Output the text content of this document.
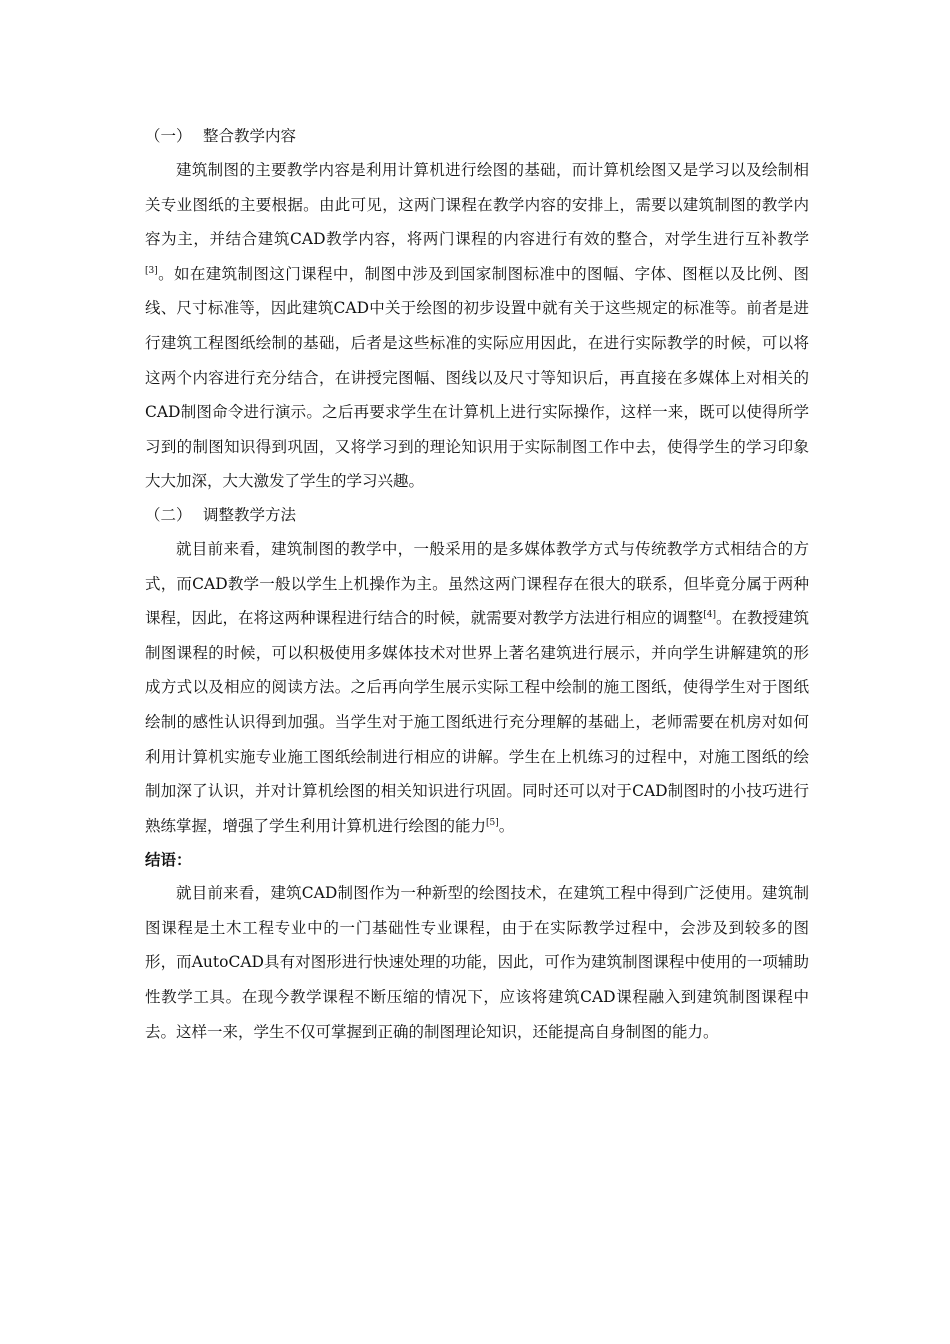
（一） 整合教学内容

建筑制图的主要教学内容是利用计算机进行绘图的基础，而计算机绘图又是学习以及绘制相关专业图纸的主要根据。由此可见，这两门课程在教学内容的安排上，需要以建筑制图的教学内容为主，并结合建筑CAD教学内容，将两门课程的内容进行有效的整合，对学生进行互补教学[3]。如在建筑制图这门课程中，制图中涉及到国家制图标准中的图幅、字体、图框以及比例、图线、尺寸标准等，因此建筑CAD中关于绘图的初步设置中就有关于这些规定的标准等。前者是进行建筑工程图纸绘制的基础，后者是这些标准的实际应用因此，在进行实际教学的时候，可以将这两个内容进行充分结合，在讲授完图幅、图线以及尺寸等知识后，再直接在多媒体上对相关的CAD制图命令进行演示。之后再要求学生在计算机上进行实际操作，这样一来，既可以使得所学习到的制图知识得到巩固，又将学习到的理论知识用于实际制图工作中去，使得学生的学习印象大大加深，大大激发了学生的学习兴趣。

（二） 调整教学方法

就目前来看，建筑制图的教学中，一般采用的是多媒体教学方式与传统教学方式相结合的方式，而CAD教学一般以学生上机操作为主。虽然这两门课程存在很大的联系，但毕竟分属于两种课程，因此，在将这两种课程进行结合的时候，就需要对教学方法进行相应的调整[4]。在教授建筑制图课程的时候，可以积极使用多媒体技术对世界上著名建筑进行展示，并向学生讲解建筑的形成方式以及相应的阅读方法。之后再向学生展示实际工程中绘制的施工图纸，使得学生对于图纸绘制的感性认识得到加强。当学生对于施工图纸进行充分理解的基础上，老师需要在机房对如何利用计算机实施专业施工图纸绘制进行相应的讲解。学生在上机练习的过程中，对施工图纸的绘制加深了认识，并对计算机绘图的相关知识进行巩固。同时还可以对于CAD制图时的小技巧进行熟练掌握，增强了学生利用计算机进行绘图的能力[5]。

结语：

就目前来看，建筑CAD制图作为一种新型的绘图技术，在建筑工程中得到广泛使用。建筑制图课程是土木工程专业中的一门基础性专业课程，由于在实际教学过程中，会涉及到较多的图形，而AutoCAD具有对图形进行快速处理的功能，因此，可作为建筑制图课程中使用的一项辅助性教学工具。在现今教学课程不断压缩的情况下，应该将建筑CAD课程融入到建筑制图课程中去。这样一来，学生不仅可掌握到正确的制图理论知识，还能提高自身制图的能力。
